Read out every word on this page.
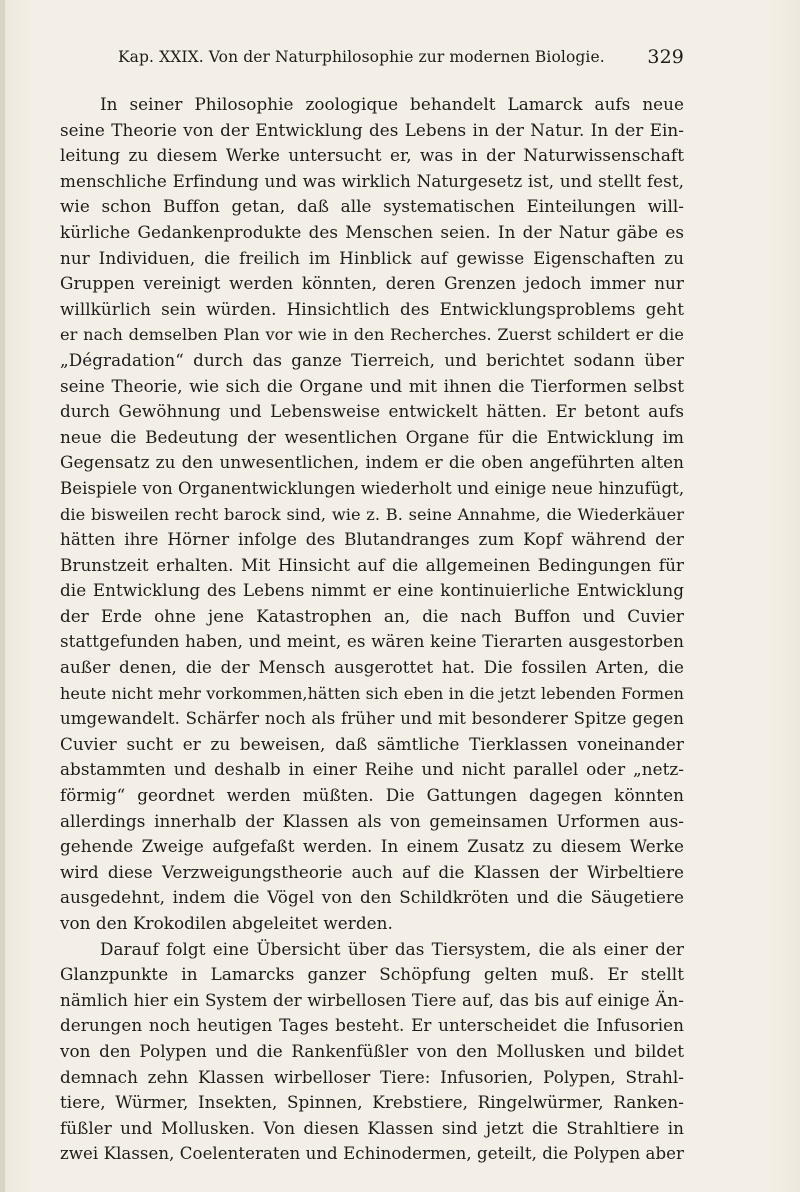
Kap. XXIX. Von der Naturphilosophie zur modernen Biologie. 329
In seiner Philosophie zoologique behandelt Lamarck aufs neue
seine Theorie von der Entwicklung des Lebens in der Natur. In der Ein-
leitung zu diesem Werke untersucht er, was in der Naturwissenschaft
menschliche Erfindung und was wirklich Naturgesetz ist, und stellt fest,
wie schon Buffon getan, daß alle systematischen Einteilungen will-
kürliche Gedankenprodukte des Menschen seien. In der Natur gäbe es
nur Individuen, die freilich im Hinblick auf gewisse Eigenschaften zu
Gruppen vereinigt werden könnten, deren Grenzen jedoch immer nur
willkürlich sein würden. Hinsichtlich des Entwicklungsproblems geht
er nach demselben Plan vor wie in den Recherches. Zuerst schildert er die
„Dégradation“ durch das ganze Tierreich, und berichtet sodann über
seine Theorie, wie sich die Organe und mit ihnen die Tierformen selbst
durch Gewöhnung und Lebensweise entwickelt hätten. Er betont aufs
neue die Bedeutung der wesentlichen Organe für die Entwicklung im
Gegensatz zu den unwesentlichen, indem er die oben angeführten alten
Beispiele von Organentwicklungen wiederholt und einige neue hinzufügt,
die bisweilen recht barock sind, wie z. B. seine Annahme, die Wiederkäuer
hätten ihre Hörner infolge des Blutandranges zum Kopf während der
Brunstzeit erhalten. Mit Hinsicht auf die allgemeinen Bedingungen für
die Entwicklung des Lebens nimmt er eine kontinuierliche Entwicklung
der Erde ohne jene Katastrophen an, die nach Buffon und Cuvier
stattgefunden haben, und meint, es wären keine Tierarten ausgestorben
außer denen, die der Mensch ausgerottet hat. Die fossilen Arten, die
heute nicht mehr vorkommen,hätten sich eben in die jetzt lebenden Formen
umgewandelt. Schärfer noch als früher und mit besonderer Spitze gegen
Cuvier sucht er zu beweisen, daß sämtliche Tierklassen voneinander
abstammten und deshalb in einer Reihe und nicht parallel oder „netz-
förmig“ geordnet werden müßten. Die Gattungen dagegen könnten
allerdings innerhalb der Klassen als von gemeinsamen Urformen aus-
gehende Zweige aufgefaßt werden. In einem Zusatz zu diesem Werke
wird diese Verzweigungstheorie auch auf die Klassen der Wirbeltiere
ausgedehnt, indem die Vögel von den Schildkröten und die Säugetiere
von den Krokodilen abgeleitet werden.
Darauf folgt eine Übersicht über das Tiersystem, die als einer der
Glanzpunkte in Lamarcks ganzer Schöpfung gelten muß. Er stellt
nämlich hier ein System der wirbellosen Tiere auf, das bis auf einige Än-
derungen noch heutigen Tages besteht. Er unterscheidet die Infusorien
von den Polypen und die Rankenfüßler von den Mollusken und bildet
demnach zehn Klassen wirbelloser Tiere: Infusorien, Polypen, Strahl-
tiere, Würmer, Insekten, Spinnen, Krebstiere, Ringelwürmer, Ranken-
füßler und Mollusken. Von diesen Klassen sind jetzt die Strahltiere in
zwei Klassen, Coelenteraten und Echinodermen, geteilt, die Polypen aber
